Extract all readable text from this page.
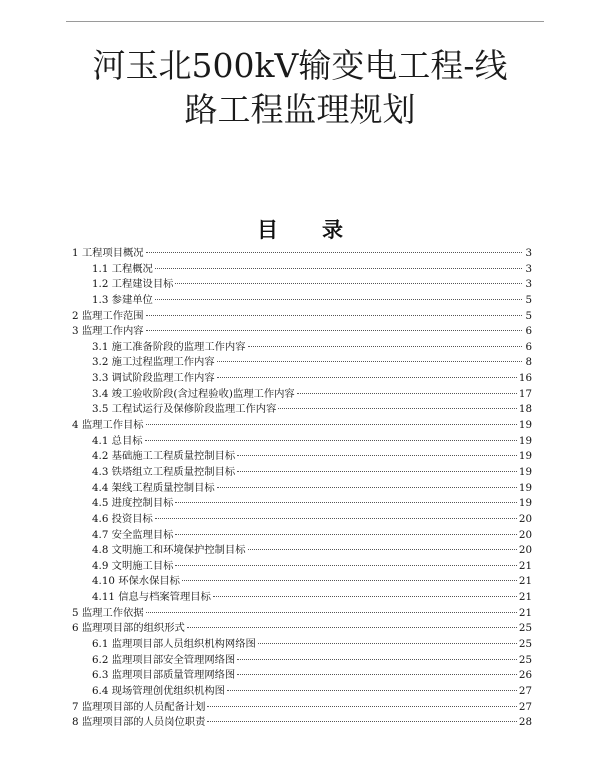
河玉北500kV输变电工程-线
路工程监理规划
目 录
1 工程项目概况	3
1.1 工程概况	3
1.2 工程建设目标	3
1.3 参建单位	5
2 监理工作范围	5
3 监理工作内容	6
3.1 施工准备阶段的监理工作内容	6
3.2 施工过程监理工作内容	8
3.3 调试阶段监理工作内容	16
3.4 竣工验收阶段(含过程验收)监理工作内容	17
3.5 工程试运行及保修阶段监理工作内容	18
4 监理工作目标	19
4.1 总目标	19
4.2 基础施工工程质量控制目标	19
4.3 铁塔组立工程质量控制目标	19
4.4 架线工程质量控制目标	19
4.5 进度控制目标	19
4.6 投资目标	20
4.7 安全监理目标	20
4.8 文明施工和环境保护控制目标	20
4.9 文明施工目标	21
4.10 环保水保目标	21
4.11 信息与档案管理目标	21
5 监理工作依据	21
6 监理项目部的组织形式	25
6.1 监理项目部人员组织机构网络图	25
6.2 监理项目部安全管理网络图	25
6.3 监理项目部质量管理网络图	26
6.4 现场管理创优组织机构图	27
7 监理项目部的人员配备计划	27
8 监理项目部的人员岗位职责	28
